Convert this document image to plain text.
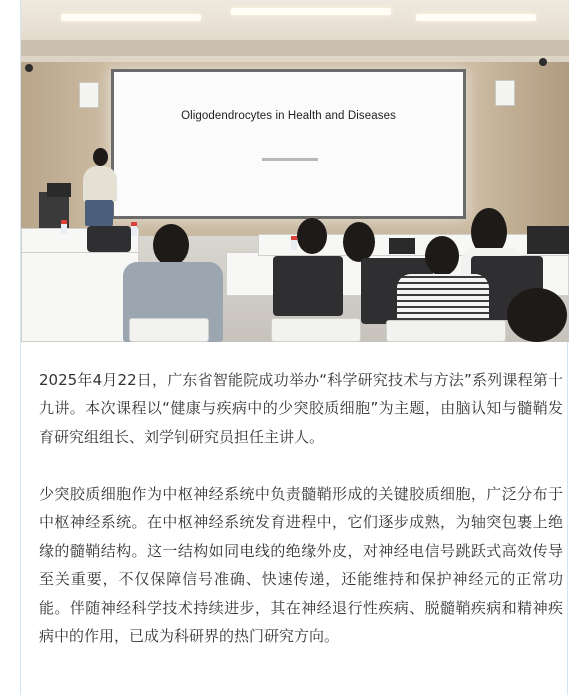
Oligodendrocytes in Health and Diseases

2025年4月22日，广东省智能院成功举办“科学研究技术与方法”系列课程第十九讲。本次课程以“健康与疾病中的少突胶质细胞”为主题，由脑认知与髓鞘发育研究组组长、刘学钊研究员担任主讲人。

少突胶质细胞作为中枢神经系统中负责髓鞘形成的关键胶质细胞，广泛分布于中枢神经系统。在中枢神经系统发育进程中，它们逐步成熟，为轴突包裹上绝缘的髓鞘结构。这一结构如同电线的绝缘外皮，对神经电信号跳跃式高效传导至关重要，不仅保障信号准确、快速传递，还能维持和保护神经元的正常功能。伴随神经科学技术持续进步，其在神经退行性疾病、脱髓鞘疾病和精神疾病中的作用，已成为科研界的热门研究方向。
